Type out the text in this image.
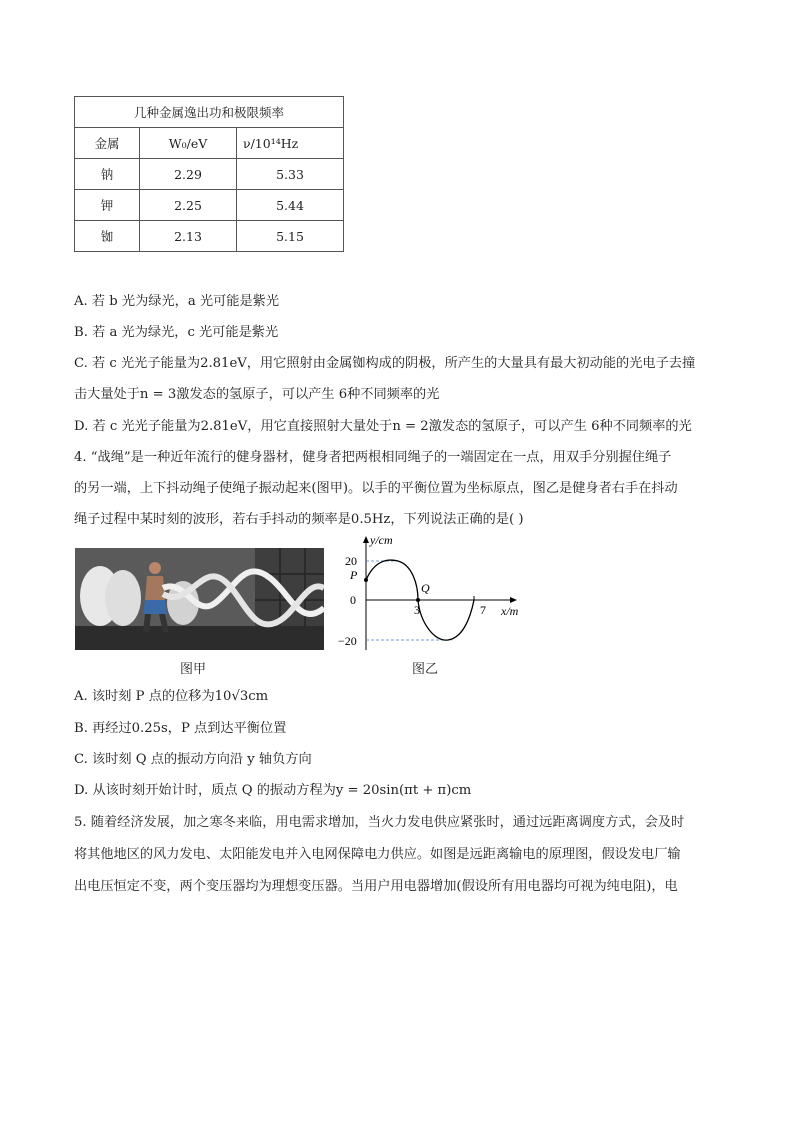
几种金属逸出功和极限频率		
金属	W₀/eV	ν/10¹⁴Hz
钠	2.29	5.33
钾	2.25	5.44
铷	2.13	5.15
A. 若 b 光为绿光，a 光可能是紫光
B. 若 a 光为绿光，c 光可能是紫光
C. 若 c 光光子能量为2.81eV，用它照射由金属铷构成的阴极，所产生的大量具有最大初动能的光电子去撞
击大量处于n = 3激发态的氢原子，可以产生 6种不同频率的光
D. 若 c 光光子能量为2.81eV，用它直接照射大量处于n = 2激发态的氢原子，可以产生 6种不同频率的光
4. “战绳”是一种近年流行的健身器材，健身者把两根相同绳子的一端固定在一点，用双手分别握住绳子
的另一端，上下抖动绳子使绳子振动起来(图甲)。以手的平衡位置为坐标原点，图乙是健身者右手在抖动
绳子过程中某时刻的波形，若右手抖动的频率是0.5Hz，下列说法正确的是( )
图甲
y/cm
x/m
20
0
−20
P
Q
3	7
图乙
A. 该时刻 P 点的位移为10√3cm
B. 再经过0.25s，P 点到达平衡位置
C. 该时刻 Q 点的振动方向沿 y 轴负方向
D. 从该时刻开始计时，质点 Q 的振动方程为y = 20sin(πt + π)cm
5. 随着经济发展，加之寒冬来临，用电需求增加，当火力发电供应紧张时，通过远距离调度方式，会及时
将其他地区的风力发电、太阳能发电并入电网保障电力供应。如图是远距离输电的原理图，假设发电厂输
出电压恒定不变，两个变压器均为理想变压器。当用户用电器增加(假设所有用电器均可视为纯电阻)，电
